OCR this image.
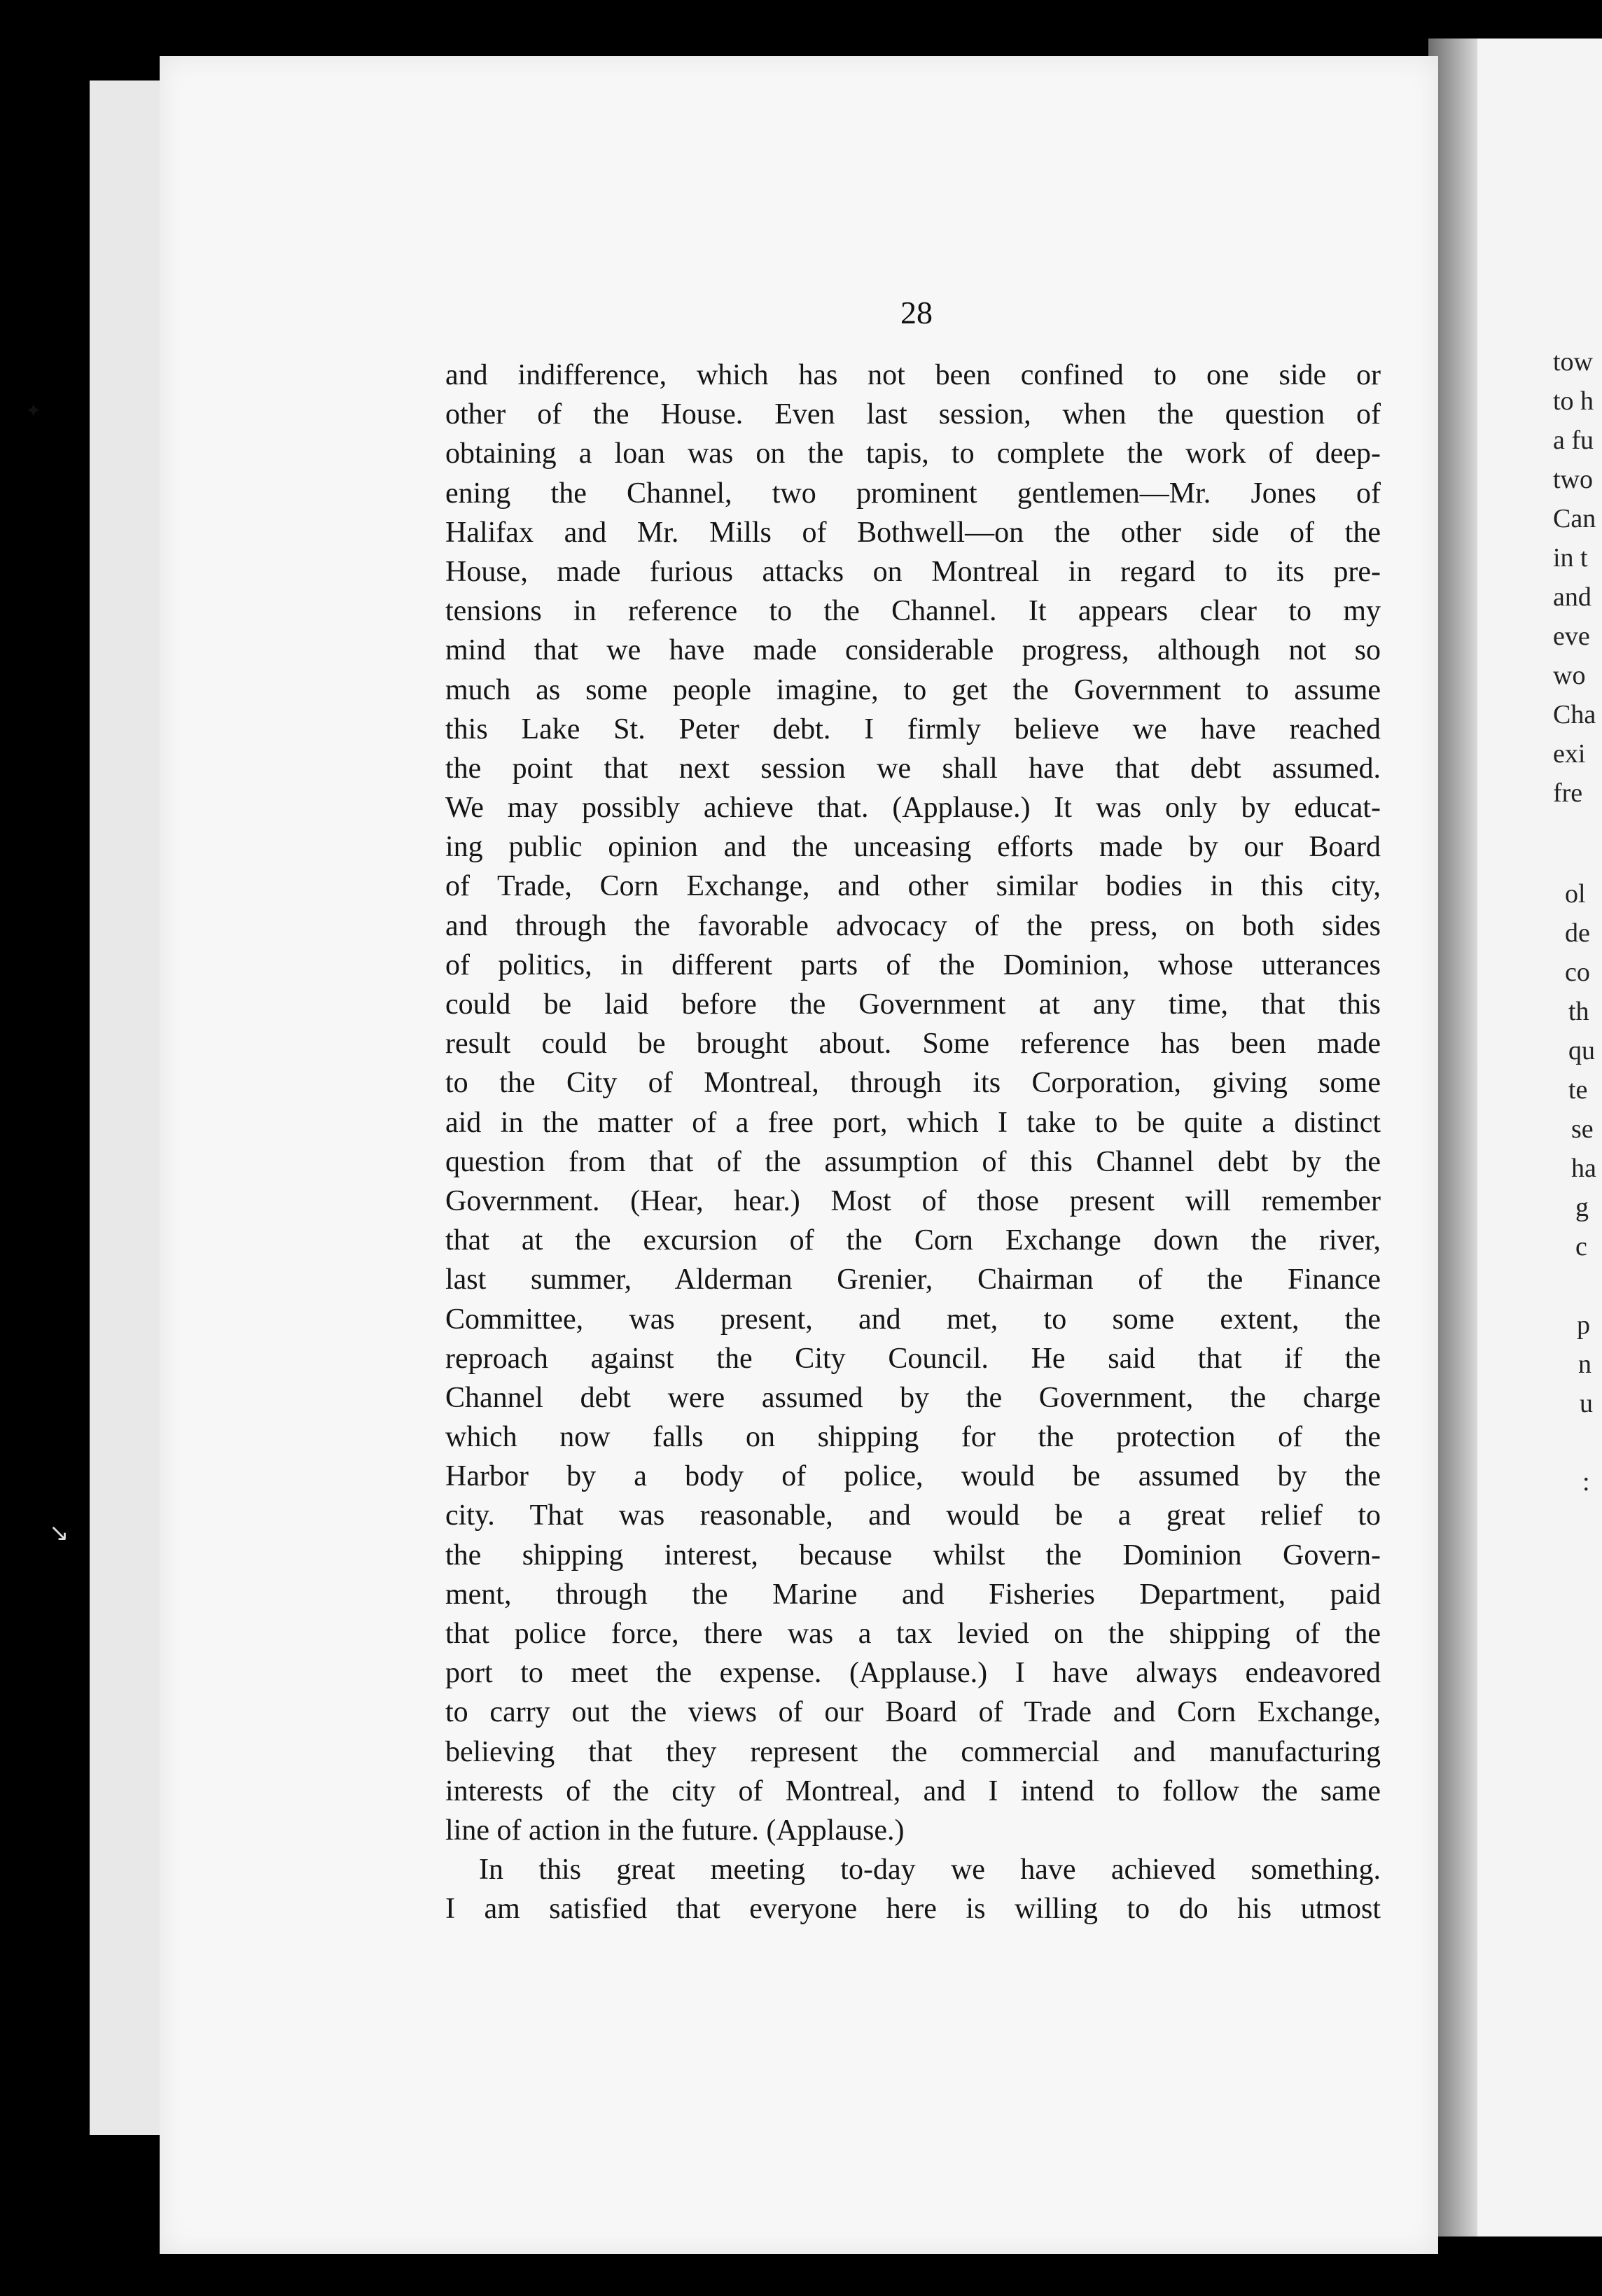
✦
↘
tow
to h
a fu
two
Can
in t
and
eve
wo
Cha
exi
fre
ol
de
co
th
qu
te
se
ha
g
c
p
n
u
:
28
and indifference, which has not been confined to one side or
other of the House. Even last session, when the question of
obtaining a loan was on the tapis, to complete the work of deep-
ening the Channel, two prominent gentlemen—Mr. Jones of
Halifax and Mr. Mills of Bothwell—on the other side of the
House, made furious attacks on Montreal in regard to its pre-
tensions in reference to the Channel. It appears clear to my
mind that we have made considerable progress, although not so
much as some people imagine, to get the Government to assume
this Lake St. Peter debt. I firmly believe we have reached
the point that next session we shall have that debt assumed.
We may possibly achieve that. (Applause.) It was only by educat-
ing public opinion and the unceasing efforts made by our Board
of Trade, Corn Exchange, and other similar bodies in this city,
and through the favorable advocacy of the press, on both sides
of politics, in different parts of the Dominion, whose utterances
could be laid before the Government at any time, that this
result could be brought about. Some reference has been made
to the City of Montreal, through its Corporation, giving some
aid in the matter of a free port, which I take to be quite a distinct
question from that of the assumption of this Channel debt by the
Government. (Hear, hear.) Most of those present will remember
that at the excursion of the Corn Exchange down the river,
last summer, Alderman Grenier, Chairman of the Finance
Committee, was present, and met, to some extent, the
reproach against the City Council. He said that if the
Channel debt were assumed by the Government, the charge
which now falls on shipping for the protection of the
Harbor by a body of police, would be assumed by the
city. That was reasonable, and would be a great relief to
the shipping interest, because whilst the Dominion Govern-
ment, through the Marine and Fisheries Department, paid
that police force, there was a tax levied on the shipping of the
port to meet the expense. (Applause.) I have always endeavored
to carry out the views of our Board of Trade and Corn Exchange,
believing that they represent the commercial and manufacturing
interests of the city of Montreal, and I intend to follow the same
line of action in the future. (Applause.)
In this great meeting to-day we have achieved something.
I am satisfied that everyone here is willing to do his utmost
